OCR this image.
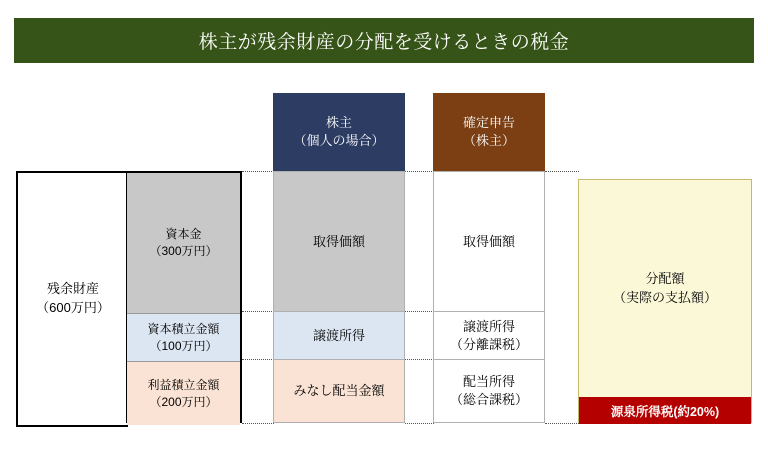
株主が残余財産の分配を受けるときの税金
株主
（個人の場合）
確定申告
（株主）
残余財産
（600万円）
資本金
（300万円）
資本積立金額
（100万円）
利益積立金額
（200万円）
取得価額
譲渡所得
みなし配当金額
取得価額
譲渡所得
（分離課税）
配当所得
（総合課税）
分配額
（実際の支払額）
源泉所得税(約20%)
